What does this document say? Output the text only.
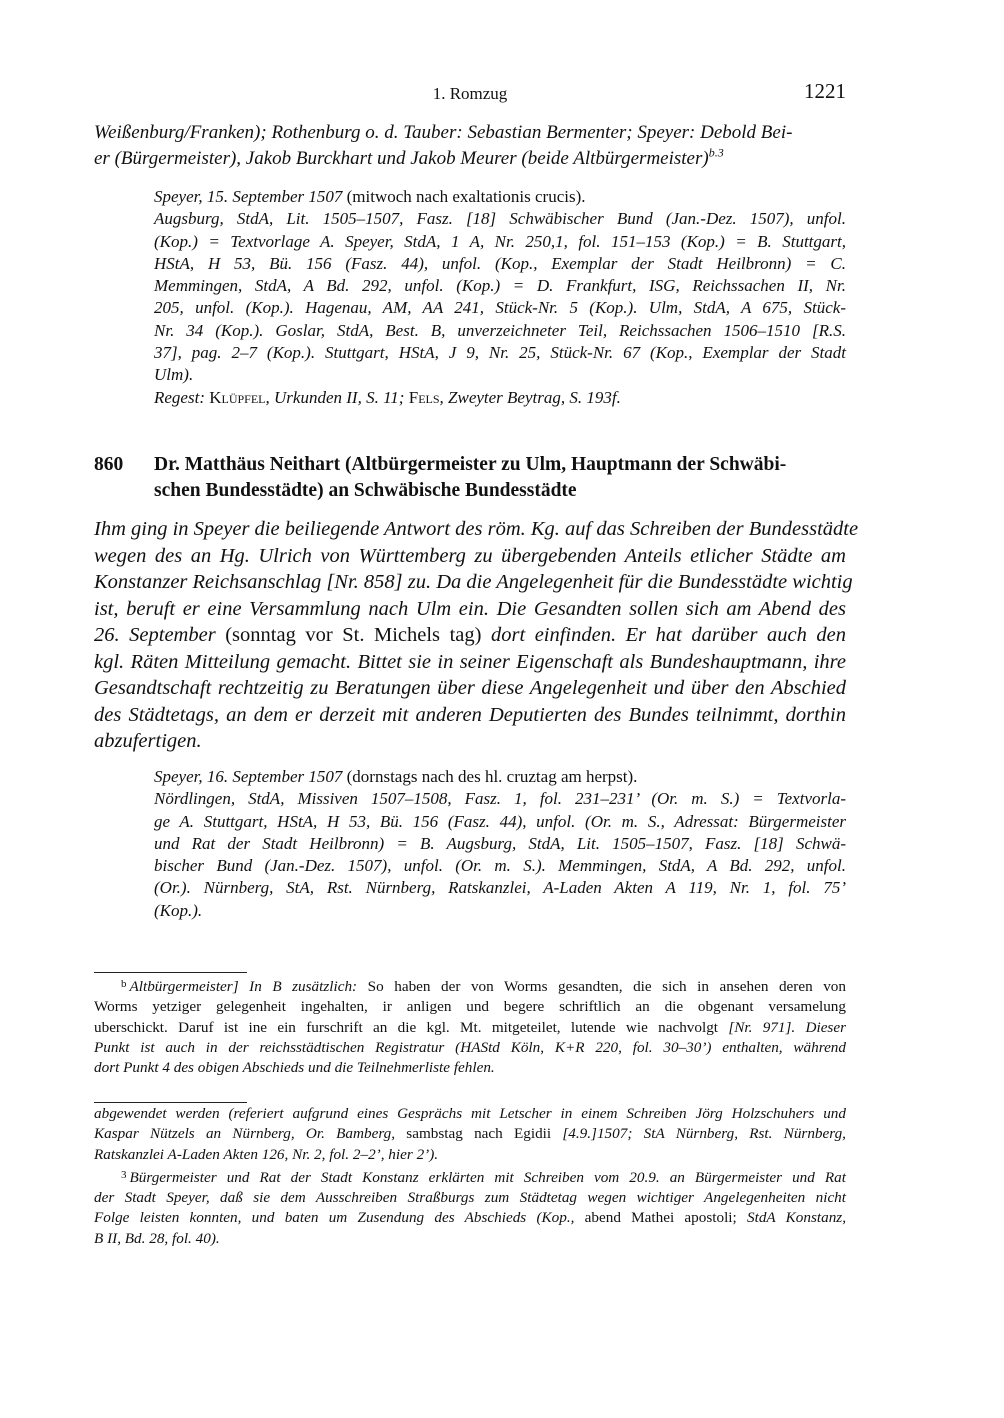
1. Romzug	1221
Weißenburg/Franken); Rothenburg o. d. Tauber: Sebastian Bermenter; Speyer: Debold Bei-
er (Bürgermeister), Jakob Burckhart und Jakob Meurer (beide Altbürgermeister)$^{b.3}$
Speyer, 15. September 1507 (mitwoch nach exaltationis crucis).
Augsburg, StdA, Lit. 1505–1507, Fasz. [18] Schwäbischer Bund (Jan.-Dez. 1507), unfol.
(Kop.) = Textvorlage A. Speyer, StdA, 1 A, Nr. 250,1, fol. 151–153 (Kop.) = B. Stuttgart,
HStA, H 53, Bü. 156 (Fasz. 44), unfol. (Kop., Exemplar der Stadt Heilbronn) = C.
Memmingen, StdA, A Bd. 292, unfol. (Kop.) = D. Frankfurt, ISG, Reichssachen II, Nr.
205, unfol. (Kop.). Hagenau, AM, AA 241, Stück-Nr. 5 (Kop.). Ulm, StdA, A 675, Stück-
Nr. 34 (Kop.). Goslar, StdA, Best. B, unverzeichneter Teil, Reichssachen 1506–1510 [R.S.
37], pag. 2–7 (Kop.). Stuttgart, HStA, J 9, Nr. 25, Stück-Nr. 67 (Kop., Exemplar der Stadt
Ulm).
Regest: Klüpfel, Urkunden II, S. 11; Fels, Zweyter Beytrag, S. 193f.
860	Dr. Matthäus Neithart (Altbürgermeister zu Ulm, Hauptmann der Schwäbi-
schen Bundesstädte) an Schwäbische Bundesstädte
Ihm ging in Speyer die beiliegende Antwort des röm. Kg. auf das Schreiben der Bundesstädte
wegen des an Hg. Ulrich von Württemberg zu übergebenden Anteils etlicher Städte am
Konstanzer Reichsanschlag [Nr. 858] zu. Da die Angelegenheit für die Bundesstädte wichtig
ist, beruft er eine Versammlung nach Ulm ein. Die Gesandten sollen sich am Abend des
26. September (sonntag vor St. Michels tag) dort einfinden. Er hat darüber auch den
kgl. Räten Mitteilung gemacht. Bittet sie in seiner Eigenschaft als Bundeshauptmann, ihre
Gesandtschaft rechtzeitig zu Beratungen über diese Angelegenheit und über den Abschied
des Städtetags, an dem er derzeit mit anderen Deputierten des Bundes teilnimmt, dorthin
abzufertigen.
Speyer, 16. September 1507 (dornstags nach des hl. cruztag am herpst).
Nördlingen, StdA, Missiven 1507–1508, Fasz. 1, fol. 231–231’ (Or. m. S.) = Textvorla-
ge A. Stuttgart, HStA, H 53, Bü. 156 (Fasz. 44), unfol. (Or. m. S., Adressat: Bürgermeister
und Rat der Stadt Heilbronn) = B. Augsburg, StdA, Lit. 1505–1507, Fasz. [18] Schwä-
bischer Bund (Jan.-Dez. 1507), unfol. (Or. m. S.). Memmingen, StdA, A Bd. 292, unfol.
(Or.). Nürnberg, StA, Rst. Nürnberg, Ratskanzlei, A-Laden Akten A 119, Nr. 1, fol. 75’
(Kop.).
$^b$ Altbürgermeister] In B zusätzlich: So haben der von Worms gesandten, die sich in ansehen deren von
Worms yetziger gelegenheit ingehalten, ir anligen und begere schriftlich an die obgenant versamelung
uberschickt. Daruf ist ine ein furschrift an die kgl. Mt. mitgeteilet, lutende wie nachvolgt [Nr. 971]. Dieser
Punkt ist auch in der reichsstädtischen Registratur (HAStd Köln, K+R 220, fol. 30–30’) enthalten, während
dort Punkt 4 des obigen Abschieds und die Teilnehmerliste fehlen.
abgewendet werden (referiert aufgrund eines Gesprächs mit Letscher in einem Schreiben Jörg Holzschuhers und
Kaspar Nützels an Nürnberg, Or. Bamberg, sambstag nach Egidii [4.9.]1507; StA Nürnberg, Rst. Nürnberg,
Ratskanzlei A-Laden Akten 126, Nr. 2, fol. 2–2’, hier 2’).
$^3$ Bürgermeister und Rat der Stadt Konstanz erklärten mit Schreiben vom 20.9. an Bürgermeister und Rat
der Stadt Speyer, daß sie dem Ausschreiben Straßburgs zum Städtetag wegen wichtiger Angelegenheiten nicht
Folge leisten konnten, und baten um Zusendung des Abschieds (Kop., abend Mathei apostoli; StdA Konstanz,
B II, Bd. 28, fol. 40).
